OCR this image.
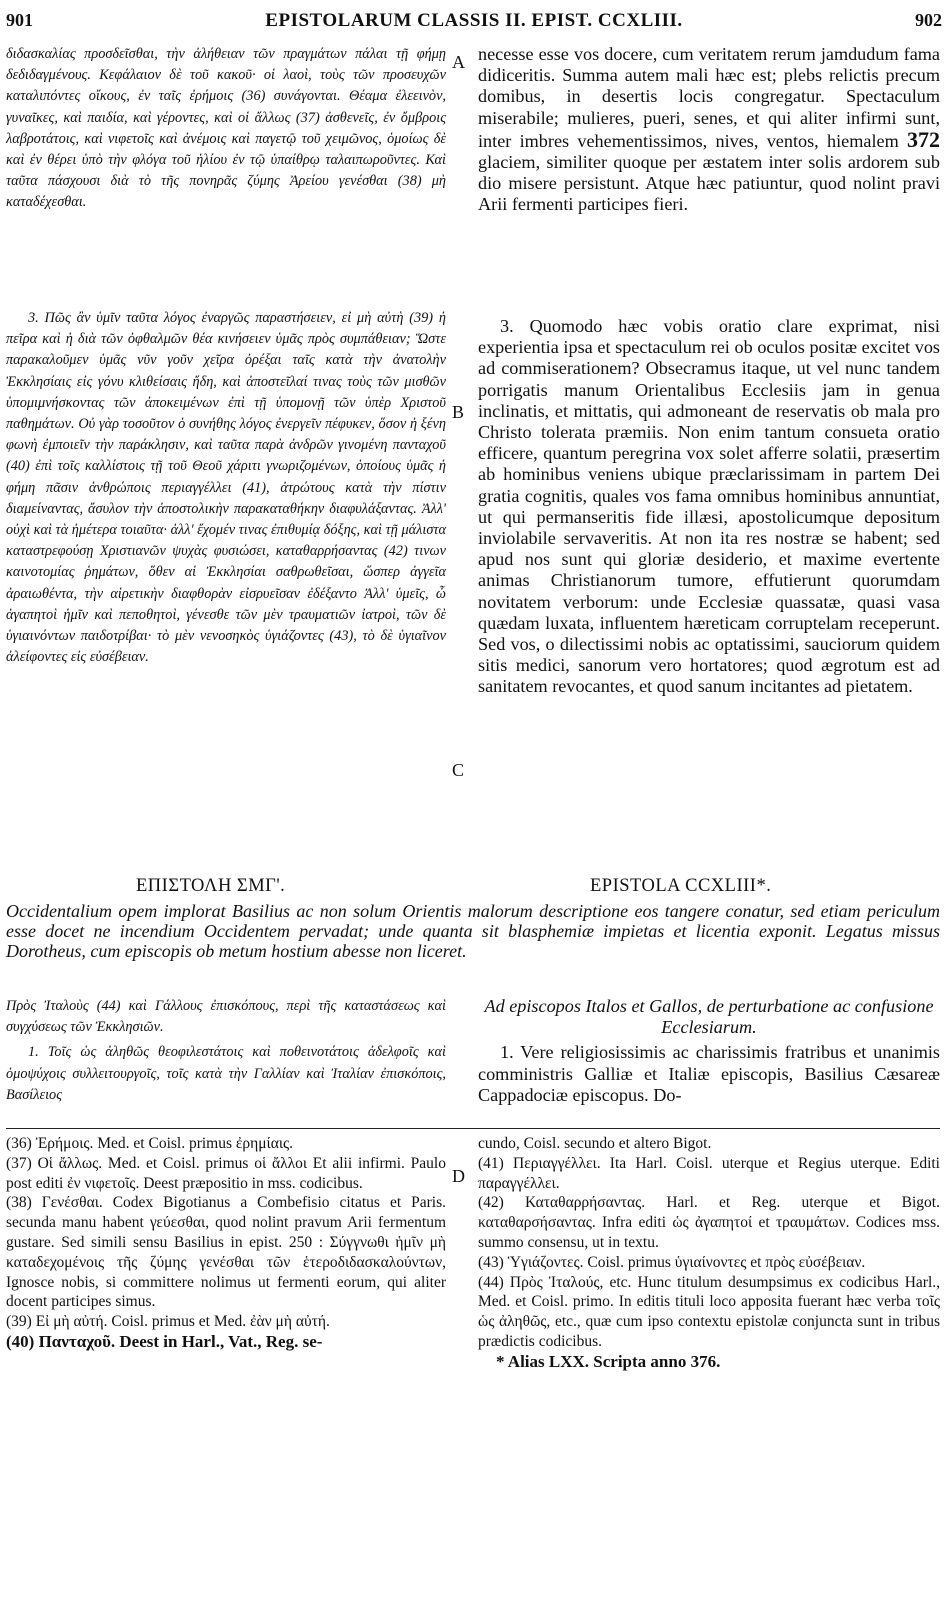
901	EPISTOLARUM CLASSIS II. EPIST. CCXLIII.	902
A
B
C
D

διδασκαλίας προσδεῖσθαι, τὴν ἀλήθειαν τῶν πραγμάτων πάλαι τῇ φήμῃ δεδιδαγμένους. Κεφάλαιον δὲ τοῦ κακοῦ· οἱ λαοὶ, τοὺς τῶν προσευχῶν καταλιπόντες οἴκους, ἐν ταῖς ἐρήμοις (36) συνάγονται. Θέαμα ἐλεεινὸν, γυναῖκες, καὶ παιδία, καὶ γέροντες, καὶ οἱ ἄλλως (37) ἀσθενεῖς, ἐν ὄμβροις λαβροτάτοις, καὶ νιφετοῖς καὶ ἀνέμοις καὶ παγετῷ τοῦ χειμῶνος, ὁμοίως δὲ καὶ ἐν θέρει ὑπὸ τὴν φλόγα τοῦ ἡλίου ἐν τῷ ὑπαίθρῳ ταλαιπωροῦντες. Καὶ ταῦτα πάσχουσι διὰ τὸ τῆς πονηρᾶς ζύμης Ἀρείου γενέσθαι (38) μὴ καταδέχεσθαι.

necesse esse vos docere, cum veritatem rerum jamdudum fama didiceritis. Summa autem mali hæc est; plebs relictis precum domibus, in desertis locis congregatur. Spectaculum miserabile; mulieres, pueri, senes, et qui aliter infirmi sunt, inter imbres vehementissimos, nives, ventos, hiemalem 372 glaciem, similiter quoque per æstatem inter solis ardorem sub dio misere persistunt. Atque hæc patiuntur, quod nolint pravi Arii fermenti participes fieri.

3. Πῶς ἂν ὑμῖν ταῦτα λόγος ἐναργῶς παραστήσειεν, εἰ μὴ αὐτὴ (39) ἡ πεῖρα καὶ ἡ διὰ τῶν ὀφθαλμῶν θέα κινήσειεν ὑμᾶς πρὸς συμπάθειαν; Ὥστε παρακαλοῦμεν ὑμᾶς νῦν γοῦν χεῖρα ὀρέξαι ταῖς κατὰ τὴν ἀνατολὴν Ἐκκλησίαις εἰς γόνυ κλιθείσαις ἤδη, καὶ ἀποστεῖλαί τινας τοὺς τῶν μισθῶν ὑπομιμνήσκοντας τῶν ἀποκειμένων ἐπὶ τῇ ὑπομονῇ τῶν ὑπὲρ Χριστοῦ παθημάτων. Οὐ γὰρ τοσοῦτον ὁ συνήθης λόγος ἐνεργεῖν πέφυκεν, ὅσον ἡ ξένη φωνὴ ἐμποιεῖν τὴν παράκλησιν, καὶ ταῦτα παρὰ ἀνδρῶν γινομένη πανταχοῦ (40) ἐπὶ τοῖς καλλίστοις τῇ τοῦ Θεοῦ χάριτι γνωριζομένων, ὁποίους ὑμᾶς ἡ φήμη πᾶσιν ἀνθρώποις περιαγγέλλει (41), ἀτρώτους κατὰ τὴν πίστιν διαμείναντας, ἄσυλον τὴν ἀποστολικὴν παρακαταθήκην διαφυλάξαντας. Ἀλλ' οὐχὶ καὶ τὰ ἡμέτερα τοιαῦτα· ἀλλ' ἔχομέν τινας ἐπιθυμίᾳ δόξης, καὶ τῇ μάλιστα καταστρεφούσῃ Χριστιανῶν ψυχὰς φυσιώσει, καταθαρρήσαντας (42) τινων καινοτομίας ῥημάτων, ὅθεν αἱ Ἐκκλησίαι σαθρωθεῖσαι, ὥσπερ ἀγγεῖα ἀραιωθέντα, τὴν αἱρετικὴν διαφθορὰν εἰσρυεῖσαν ἐδέξαντο Ἀλλ' ὑμεῖς, ὦ ἀγαπητοὶ ἡμῖν καὶ πεποθητοὶ, γένεσθε τῶν μὲν τραυματιῶν ἰατροὶ, τῶν δὲ ὑγιαινόντων παιδοτρίβαι· τὸ μὲν νενοσηκὸς ὑγιάζοντες (43), τὸ δὲ ὑγιαῖνον ἀλείφοντες εἰς εὐσέβειαν.

3. Quomodo hæc vobis oratio clare exprimat, nisi experientia ipsa et spectaculum rei ob oculos positæ excitet vos ad commiserationem? Obsecramus itaque, ut vel nunc tandem porrigatis manum Orientalibus Ecclesiis jam in genua inclinatis, et mittatis, qui admoneant de reservatis ob mala pro Christo tolerata præmiis. Non enim tantum consueta oratio efficere, quantum peregrina vox solet afferre solatii, præsertim ab hominibus veniens ubique præclarissimam in partem Dei gratia cognitis, quales vos fama omnibus hominibus annuntiat, ut qui permanseritis fide illæsi, apostolicumque depositum inviolabile servaveritis. At non ita res nostræ se habent; sed apud nos sunt qui gloriæ desiderio, et maxime evertente animas Christianorum tumore, effutierunt quorumdam novitatem verborum: unde Ecclesiæ quassatæ, quasi vasa quædam luxata, influentem hæreticam corruptelam receperunt. Sed vos, o dilectissimi nobis ac optatissimi, sauciorum quidem sitis medici, sanorum vero hortatores; quod ægrotum est ad sanitatem revocantes, et quod sanum incitantes ad pietatem.

ΕΠΙΣΤΟΛΗ ΣΜΓ'.	EPISTOLA CCXLIII*.

Occidentalium opem implorat Basilius ac non solum Orientis malorum descriptione eos tangere conatur, sed etiam periculum esse docet ne incendium Occidentem pervadat; unde quanta sit blasphemiæ impietas et licentia exponit. Legatus missus Dorotheus, cum episcopis ob metum hostium abesse non liceret.

Πρὸς Ἰταλοὺς (44) καὶ Γάλλους ἐπισκόπους, περὶ τῆς καταστάσεως καὶ συγχύσεως τῶν Ἐκκλησιῶν.

1. Τοῖς ὡς ἀληθῶς θεοφιλεστάτοις καὶ ποθεινοτάτοις ἀδελφοῖς καὶ ὁμοψύχοις συλλειτουργοῖς, τοῖς κατὰ τὴν Γαλλίαν καὶ Ἰταλίαν ἐπισκόποις, Βασίλειος

Ad episcopos Italos et Gallos, de perturbatione ac confusione Ecclesiarum.

1. Vere religiosissimis ac charissimis fratribus et unanimis comministris Galliæ et Italiæ episcopis, Basilius Cæsareæ Cappadociæ episcopus. Do-

(36) Ἐρήμοις. Med. et Coisl. primus ἐρημίαις.

(37) Οἱ ἄλλως. Med. et Coisl. primus οἱ ἄλλοι Et alii infirmi. Paulo post editi ἐν νιφετοῖς. Deest præpositio in mss. codicibus.

(38) Γενέσθαι. Codex Bigotianus a Combefisio citatus et Paris. secunda manu habent γεύεσθαι, quod nolint pravum Arii fermentum gustare. Sed simili sensu Basilius in epist. 250 : Σύγγνωθι ἡμῖν μὴ καταδεχομένοις τῆς ζύμης γενέσθαι τῶν ἑτεροδιδασκαλούντων, Ignosce nobis, si committere nolimus ut fermenti eorum, qui aliter docent participes simus.

(39) Εἰ μὴ αὐτή. Coisl. primus et Med. ἐὰν μὴ αὐτή.

(40) Πανταχοῦ. Deest in Harl., Vat., Reg. se-

cundo, Coisl. secundo et altero Bigot.

(41) Περιαγγέλλει. Ita Harl. Coisl. uterque et Regius uterque. Editi παραγγέλλει.

(42) Καταθαρρήσαντας. Harl. et Reg. uterque et Bigot. καταθαρσήσαντας. Infra editi ὡς ἀγαπητοί et τραυμάτων. Codices mss. summo consensu, ut in textu.

(43) Ὑγιάζοντες. Coisl. primus ὑγιαίνοντες et πρὸς εὐσέβειαν.

(44) Πρὸς Ἰταλούς, etc. Hunc titulum desumpsimus ex codicibus Harl., Med. et Coisl. primo. In editis tituli loco apposita fuerant hæc verba τοῖς ὡς ἀληθῶς, etc., quæ cum ipso contextu epistolæ conjuncta sunt in tribus prædictis codicibus.

* Alias LXX. Scripta anno 376.
